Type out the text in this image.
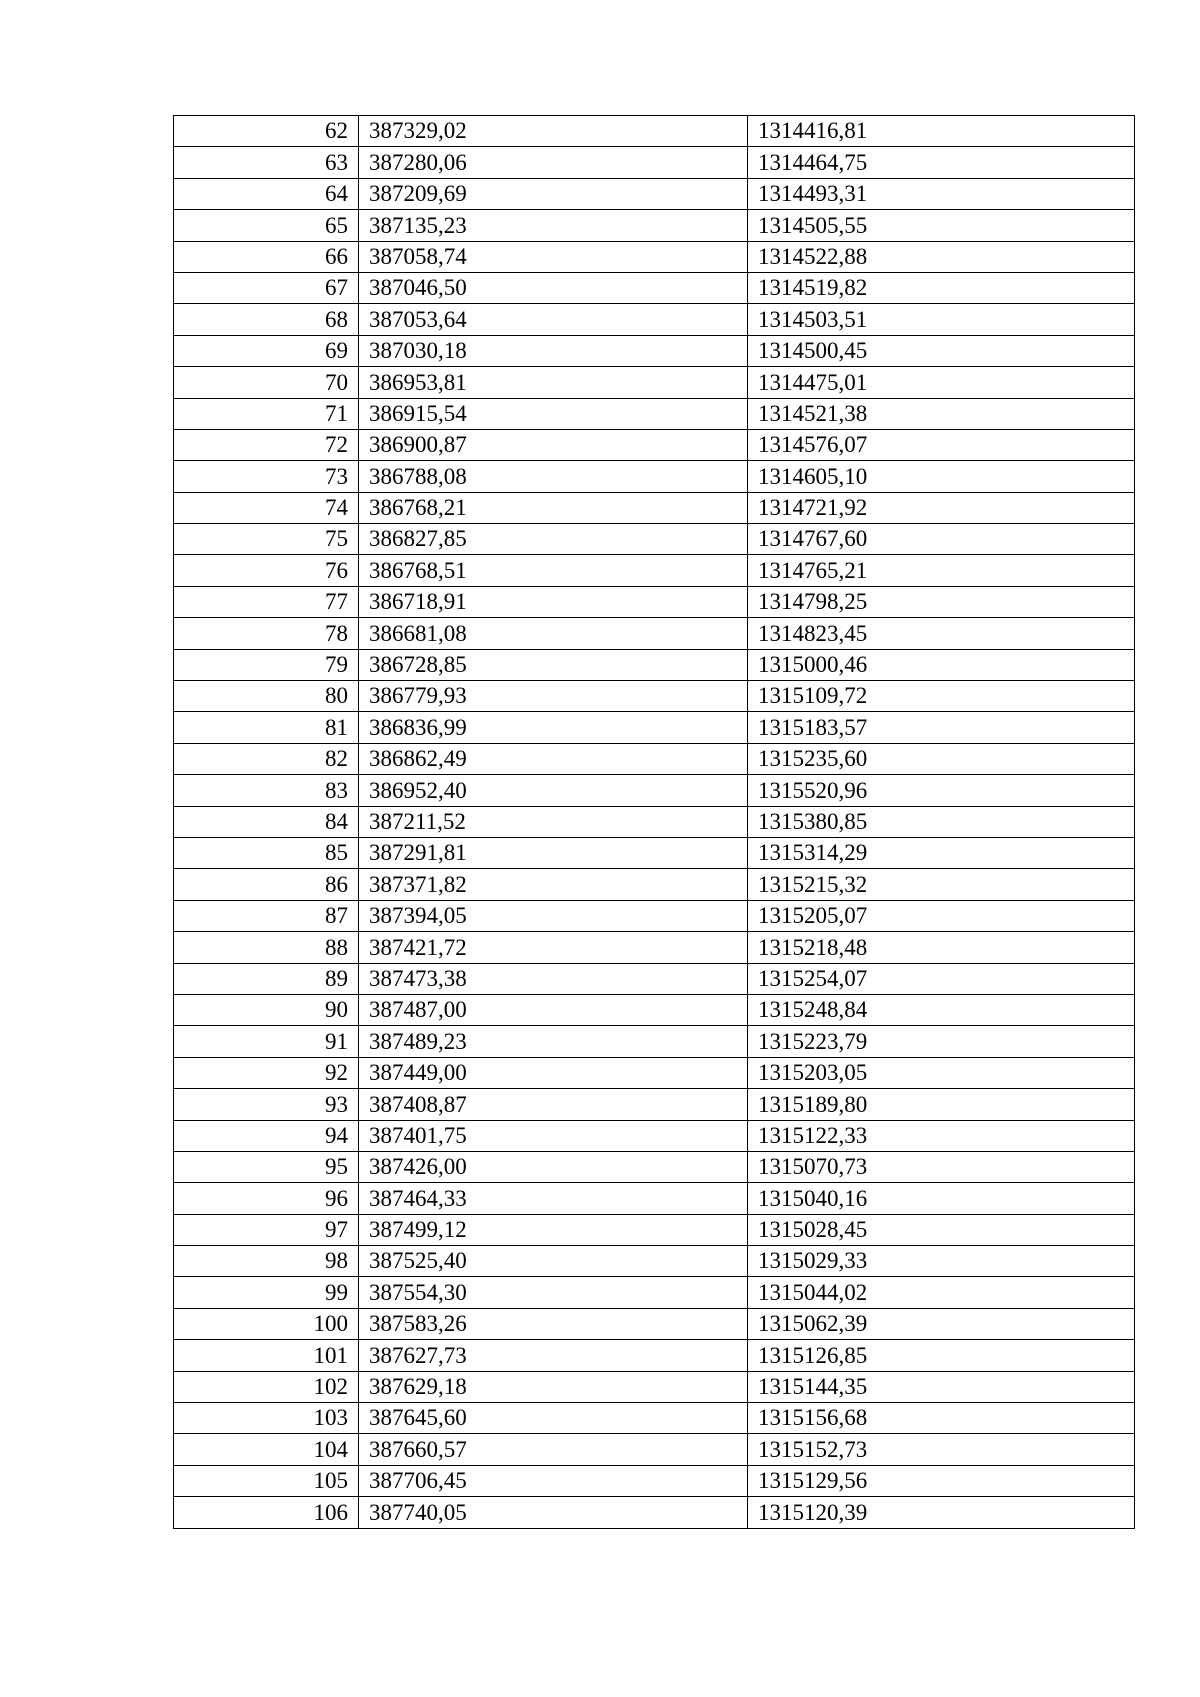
62	387329,02	1314416,81
63	387280,06	1314464,75
64	387209,69	1314493,31
65	387135,23	1314505,55
66	387058,74	1314522,88
67	387046,50	1314519,82
68	387053,64	1314503,51
69	387030,18	1314500,45
70	386953,81	1314475,01
71	386915,54	1314521,38
72	386900,87	1314576,07
73	386788,08	1314605,10
74	386768,21	1314721,92
75	386827,85	1314767,60
76	386768,51	1314765,21
77	386718,91	1314798,25
78	386681,08	1314823,45
79	386728,85	1315000,46
80	386779,93	1315109,72
81	386836,99	1315183,57
82	386862,49	1315235,60
83	386952,40	1315520,96
84	387211,52	1315380,85
85	387291,81	1315314,29
86	387371,82	1315215,32
87	387394,05	1315205,07
88	387421,72	1315218,48
89	387473,38	1315254,07
90	387487,00	1315248,84
91	387489,23	1315223,79
92	387449,00	1315203,05
93	387408,87	1315189,80
94	387401,75	1315122,33
95	387426,00	1315070,73
96	387464,33	1315040,16
97	387499,12	1315028,45
98	387525,40	1315029,33
99	387554,30	1315044,02
100	387583,26	1315062,39
101	387627,73	1315126,85
102	387629,18	1315144,35
103	387645,60	1315156,68
104	387660,57	1315152,73
105	387706,45	1315129,56
106	387740,05	1315120,39
